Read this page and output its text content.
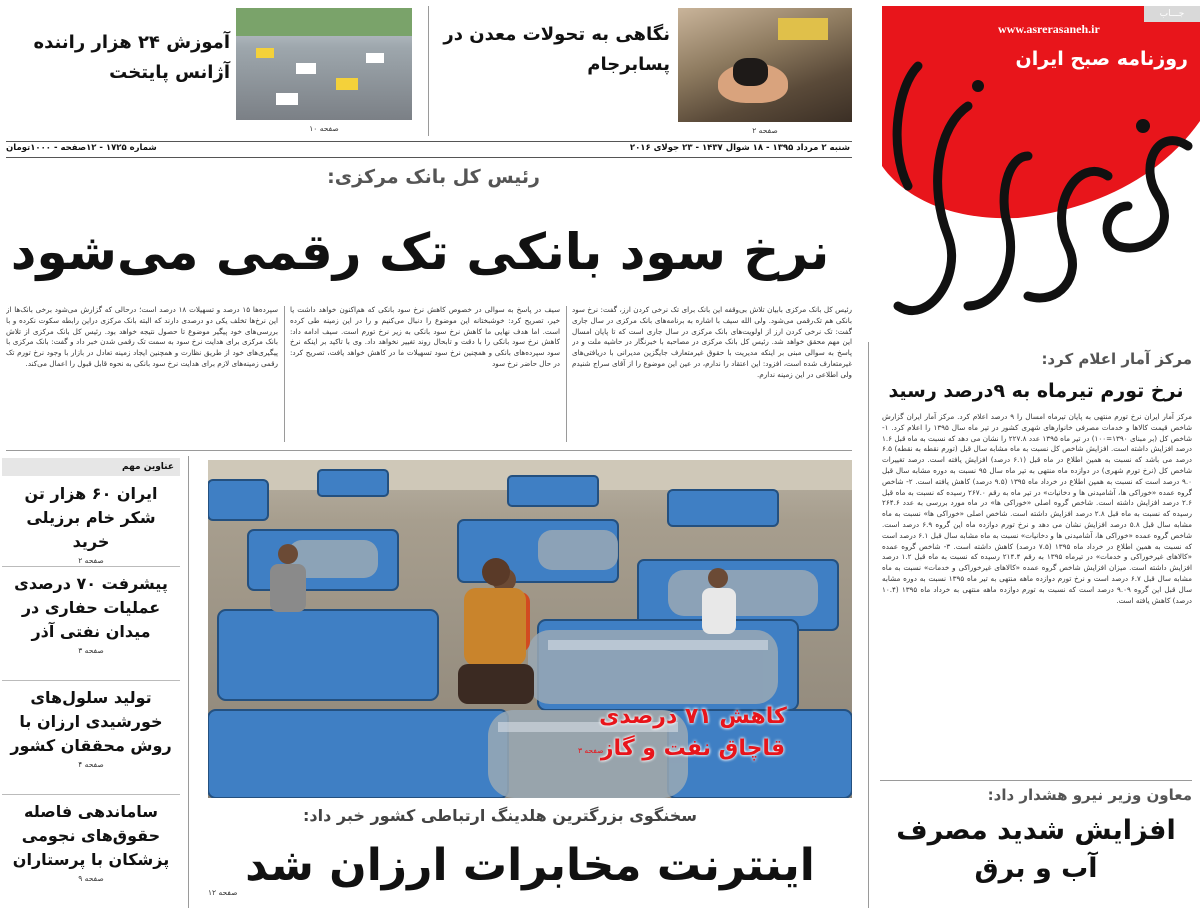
www.asrerasaneh.ir
روزنامه صبح ایران
جـــاب
نگاهی به تحولات معدن در پسابرجام
صفحه ۲
آموزش ۲۴ هزار راننده آژانس پایتخت
صفحه ۱۰
شنبه ۲ مرداد ۱۳۹۵ - ۱۸ شوال ۱۴۳۷ - ۲۳ جولای ۲۰۱۶
شماره ۱۷۲۵ - ۱۲صفحه - ۱۰۰۰تومان
رئیس کل بانک مرکزی:
نرخ سود بانکی تک رقمی می‌شود
رئیس کل بانک مرکزی بابیان تلاش بی‌وقفه این بانک برای تک نرخی کردن ارز، گفت: نرخ سود بانکی هم تک‌رقمی می‌شود. ولی الله سیف با اشاره به برنامه‌های بانک مرکزی در سال جاری گفت: تک نرخی کردن ارز از اولویت‌های بانک مرکزی در سال جاری است که تا پایان امسال این مهم محقق خواهد شد. رئیس کل بانک مرکزی در مصاحبه با خبرنگار در حاشیه ملت و در پاسخ به سوالی مبنی بر اینکه مدیریت با حقوق غیرمتعارف جایگزین مدیرانی با دریافتی‌های غیرمتعارف شده است، افزود: این اعتقاد را ندارم، در عین این موضوع را از آقای سراج شنیدم ولی اطلاعی در این زمینه ندارم.
سیف در پاسخ به سوالی در خصوص کاهش نرخ سود بانکی که هم‌اکنون خواهد داشت یا خیر، تصریح کرد: خوشبختانه این موضوع را دنبال می‌کنیم و را در این زمینه طی کرده است. اما هدف نهایی ما کاهش نرخ سود بانکی به زیر نرخ تورم است. سیف ادامه داد: کاهش نرخ سود بانکی را با دقت و تابحال روند تغییر نخواهد داد. وی با تاکید بر اینکه نرخ سود سپرده‌های بانکی و همچنین نرخ سود تسهیلات ما در کاهش خواهد یافت، تصریح کرد: در حال حاضر نرخ سود
سپرده‌ها ۱۵ درصد و تسهیلات ۱۸ درصد است؛ درحالی که گزارش می‌شود برخی بانک‌ها از این نرخ‌ها تخلف یکی دو درصدی دارند که البته بانک مرکزی دراین رابطه سکوت نکرده و با بررسی‌های خود پیگیر موضوع تا حصول نتیجه خواهد بود. رئیس کل بانک مرکزی از تلاش بانک مرکزی برای هدایت نرخ سود به سمت تک رقمی شدن خبر داد و گفت: بانک مرکزی با پیگیری‌های خود از طریق نظارت و همچنین ایجاد زمینه تعادل در بازار با وجود نرخ تورم تک رقمی زمینه‌های لازم برای هدایت نرخ سود بانکی به نحوه قابل قبول را اعمال می‌کند.
عناوین مهم
ایران ۶۰ هزار تن شکر خام برزیلی خرید
صفحه ۲
پیشرفت ۷۰ درصدی عملیات حفاری در میدان نفتی آذر
صفحه ۳
تولید سلول‌های خورشیدی ارزان با روش محققان کشور
صفحه ۴
ساماندهی فاصله حقوق‌های نجومی پزشکان با پرستاران
صفحه ۹
کاهش ۷۱ درصدی
قاچاق نفت و گاز
صفحه ۳
سخنگوی بزرگترین هلدینگ ارتباطی کشور خبر داد:
اینترنت مخابرات ارزان شد
صفحه ۱۲
مرکز آمار اعلام کرد:
نرخ تورم تیرماه به ۹درصد رسید
مرکز آمار ایران نرخ تورم منتهی به پایان تیرماه امسال را ۹ درصد اعلام کرد. مرکز آمار ایران گزارش شاخص قیمت کالاها و خدمات مصرفی خانوارهای شهری کشور در تیر ماه سال ۱۳۹۵ را اعلام کرد. ۱- شاخص کل (بر مبنای ۱۳۹۰=۱۰۰) در تیر ماه ۱۳۹۵ عدد ۲۲۷.۸ را نشان می دهد که نسبت به ماه قبل ۱.۶ درصد افزایش داشته است. افزایش شاخص کل نسبت به ماه مشابه سال قبل (تورم نقطه به نقطه) ۶.۵ درصد می باشد که نسبت به همین اطلاع در ماه قبل (۶.۱ درصد) افزایش یافته است. درصد تغییرات شاخص کل (نرخ تورم شهری) در دوازده ماه منتهی به تیر ماه سال ۹۵ نسبت به دوره مشابه سال قبل ۹.۰ درصد است که نسبت به همین اطلاع در خرداد ماه ۱۳۹۵ (۹.۵ درصد) کاهش یافته است. ۲- شاخص گروه عمده «خوراکی ها، آشامیدنی ها و دخانیات» در تیر ماه به رقم ۲۶۷.۰ رسیده که نسبت به ماه قبل ۲.۶ درصد افزایش داشته است. شاخص گروه اصلی «خوراکی ها» در ماه مورد بررسی به عدد ۲۶۴.۶ رسیده که نسبت به ماه قبل ۲.۸ درصد افزایش داشته است. شاخص اصلی «خوراکی ها» نسبت به ماه مشابه سال قبل ۵.۸ درصد افزایش نشان می دهد و نرخ تورم دوازده ماه این گروه ۶.۹ درصد است. شاخص گروه عمده «خوراکی ها، آشامیدنی ها و دخانیات» نسبت به ماه مشابه سال قبل ۶.۱ درصد است که نسبت به همین اطلاع در خرداد ماه ۱۳۹۵ (۷.۵ درصد) کاهش داشته است. ۳- شاخص گروه عمده «کالاهای غیرخوراکی و خدمات» در تیرماه ۱۳۹۵ به رقم ۲۱۴.۴ رسیده که نسبت به ماه قبل ۱.۲ درصد افزایش داشته است. میزان افزایش شاخص گروه عمده «کالاهای غیرخوراکی و خدمات» نسبت به ماه مشابه سال قبل ۶.۷ درصد است و نرخ تورم دوازده ماهه منتهی به تیر ماه ۱۳۹۵ نسبت به دوره مشابه سال قبل این گروه ۹.۰۹ درصد است که نسبت به تورم دوازده ماهه منتهی به خرداد ماه ۱۳۹۵ (۱۰.۴ درصد) کاهش یافته است.
معاون وزیر نیرو هشدار داد:
افزایش شدید مصرف آب و برق
